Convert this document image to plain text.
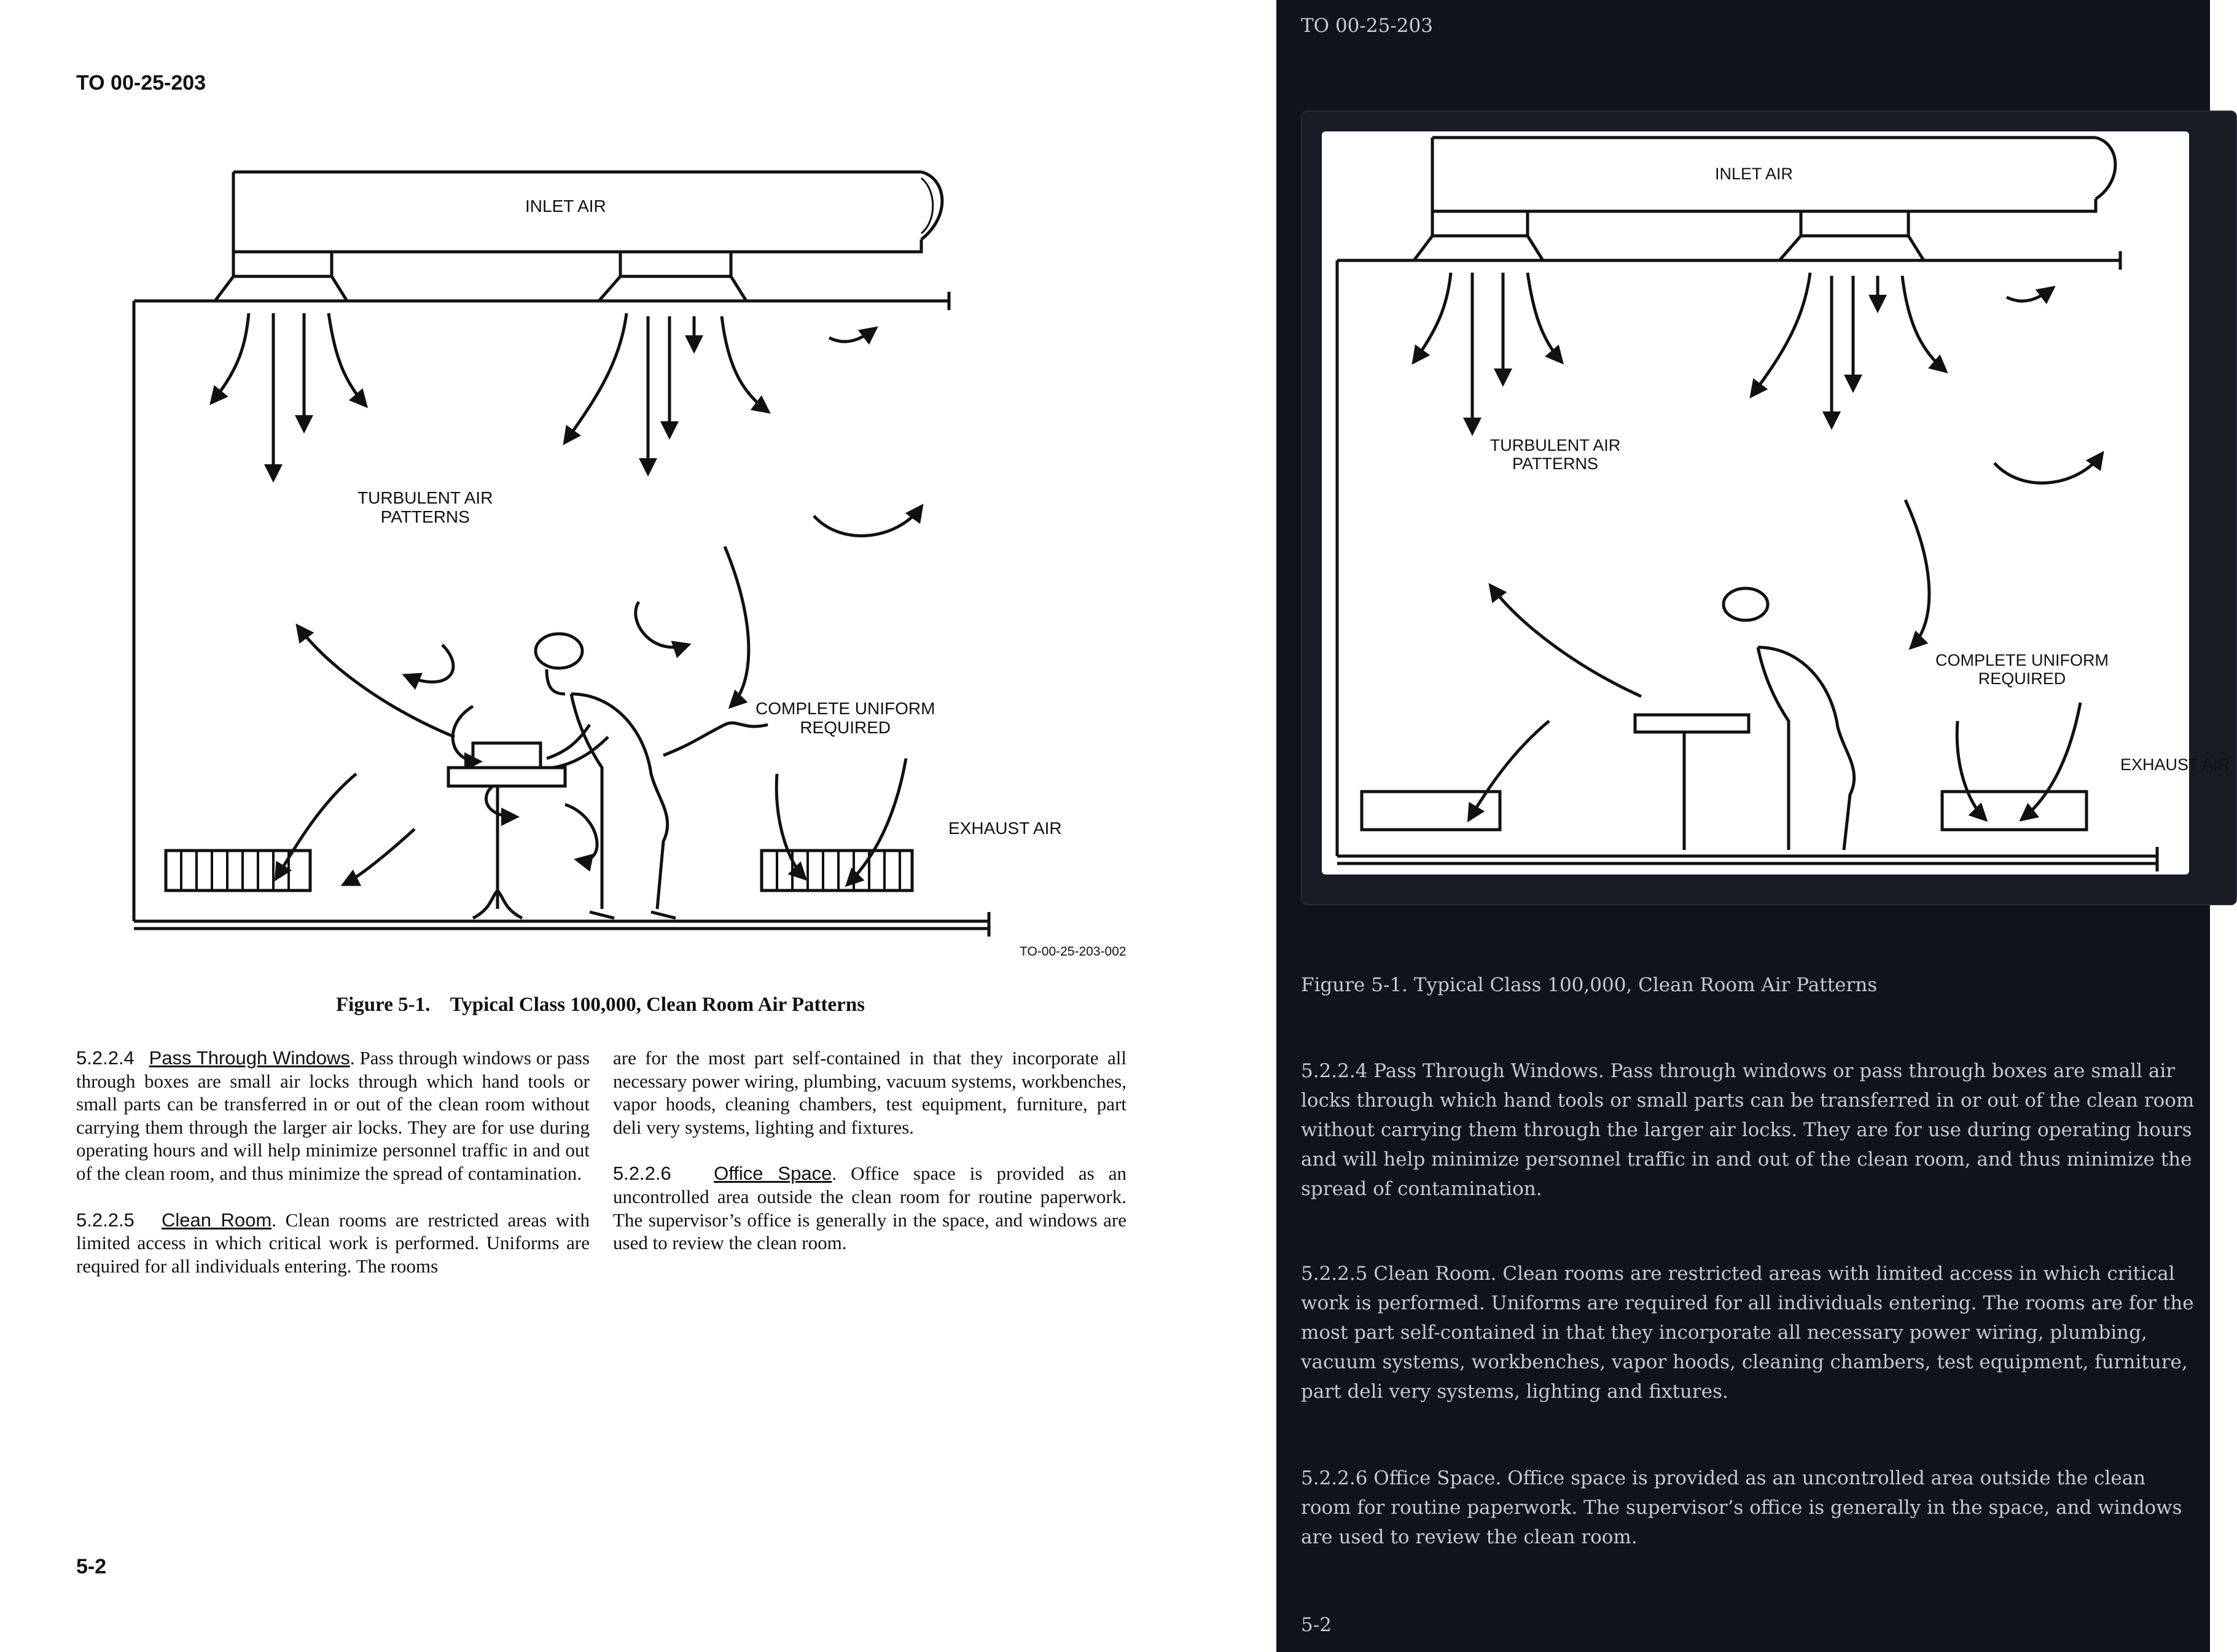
TO 00-25-203
INLET AIR
TURBULENT AIR
PATTERNS
COMPLETE UNIFORM
REQUIRED
EXHAUST AIR
TO-00-25-203-002
Figure 5-1. Typical Class 100,000, Clean Room Air Patterns

5.2.2.4 Pass Through Windows. Pass through windows or pass through boxes are small air locks through which hand tools or small parts can be transferred in or out of the clean room without carrying them through the larger air locks. They are for use during operating hours and will help minimize personnel traffic in and out of the clean room, and thus minimize the spread of contamination.

5.2.2.5 Clean Room. Clean rooms are restricted areas with limited access in which critical work is performed. Uniforms are required for all individuals entering. The rooms

are for the most part self-contained in that they incorporate all necessary power wiring, plumbing, vacuum systems, workbenches, vapor hoods, cleaning chambers, test equipment, furniture, part deli very systems, lighting and fixtures.

5.2.2.6 Office Space. Office space is provided as an uncontrolled area outside the clean room for routine paperwork. The supervisor’s office is generally in the space, and windows are used to review the clean room.

5-2
TO 00-25-203
INLET AIR
TURBULENT AIR
PATTERNS
COMPLETE UNIFORM
REQUIRED
EXHAUST AIR
Figure 5-1. Typical Class 100,000, Clean Room Air Patterns
5.2.2.4 Pass Through Windows. Pass through windows or pass through boxes are small air locks through which hand tools or small parts can be transferred in or out of the clean room without carrying them through the larger air locks. They are for use during operating hours and will help minimize personnel traffic in and out of the clean room, and thus minimize the spread of contamination.
5.2.2.5 Clean Room. Clean rooms are restricted areas with limited access in which critical work is performed. Uniforms are required for all individuals entering. The rooms are for the most part self-contained in that they incorporate all necessary power wiring, plumbing, vacuum systems, workbenches, vapor hoods, cleaning chambers, test equipment, furniture, part deli very systems, lighting and fixtures.
5.2.2.6 Office Space. Office space is provided as an uncontrolled area outside the clean room for routine paperwork. The supervisor’s office is generally in the space, and windows are used to review the clean room.
5-2
